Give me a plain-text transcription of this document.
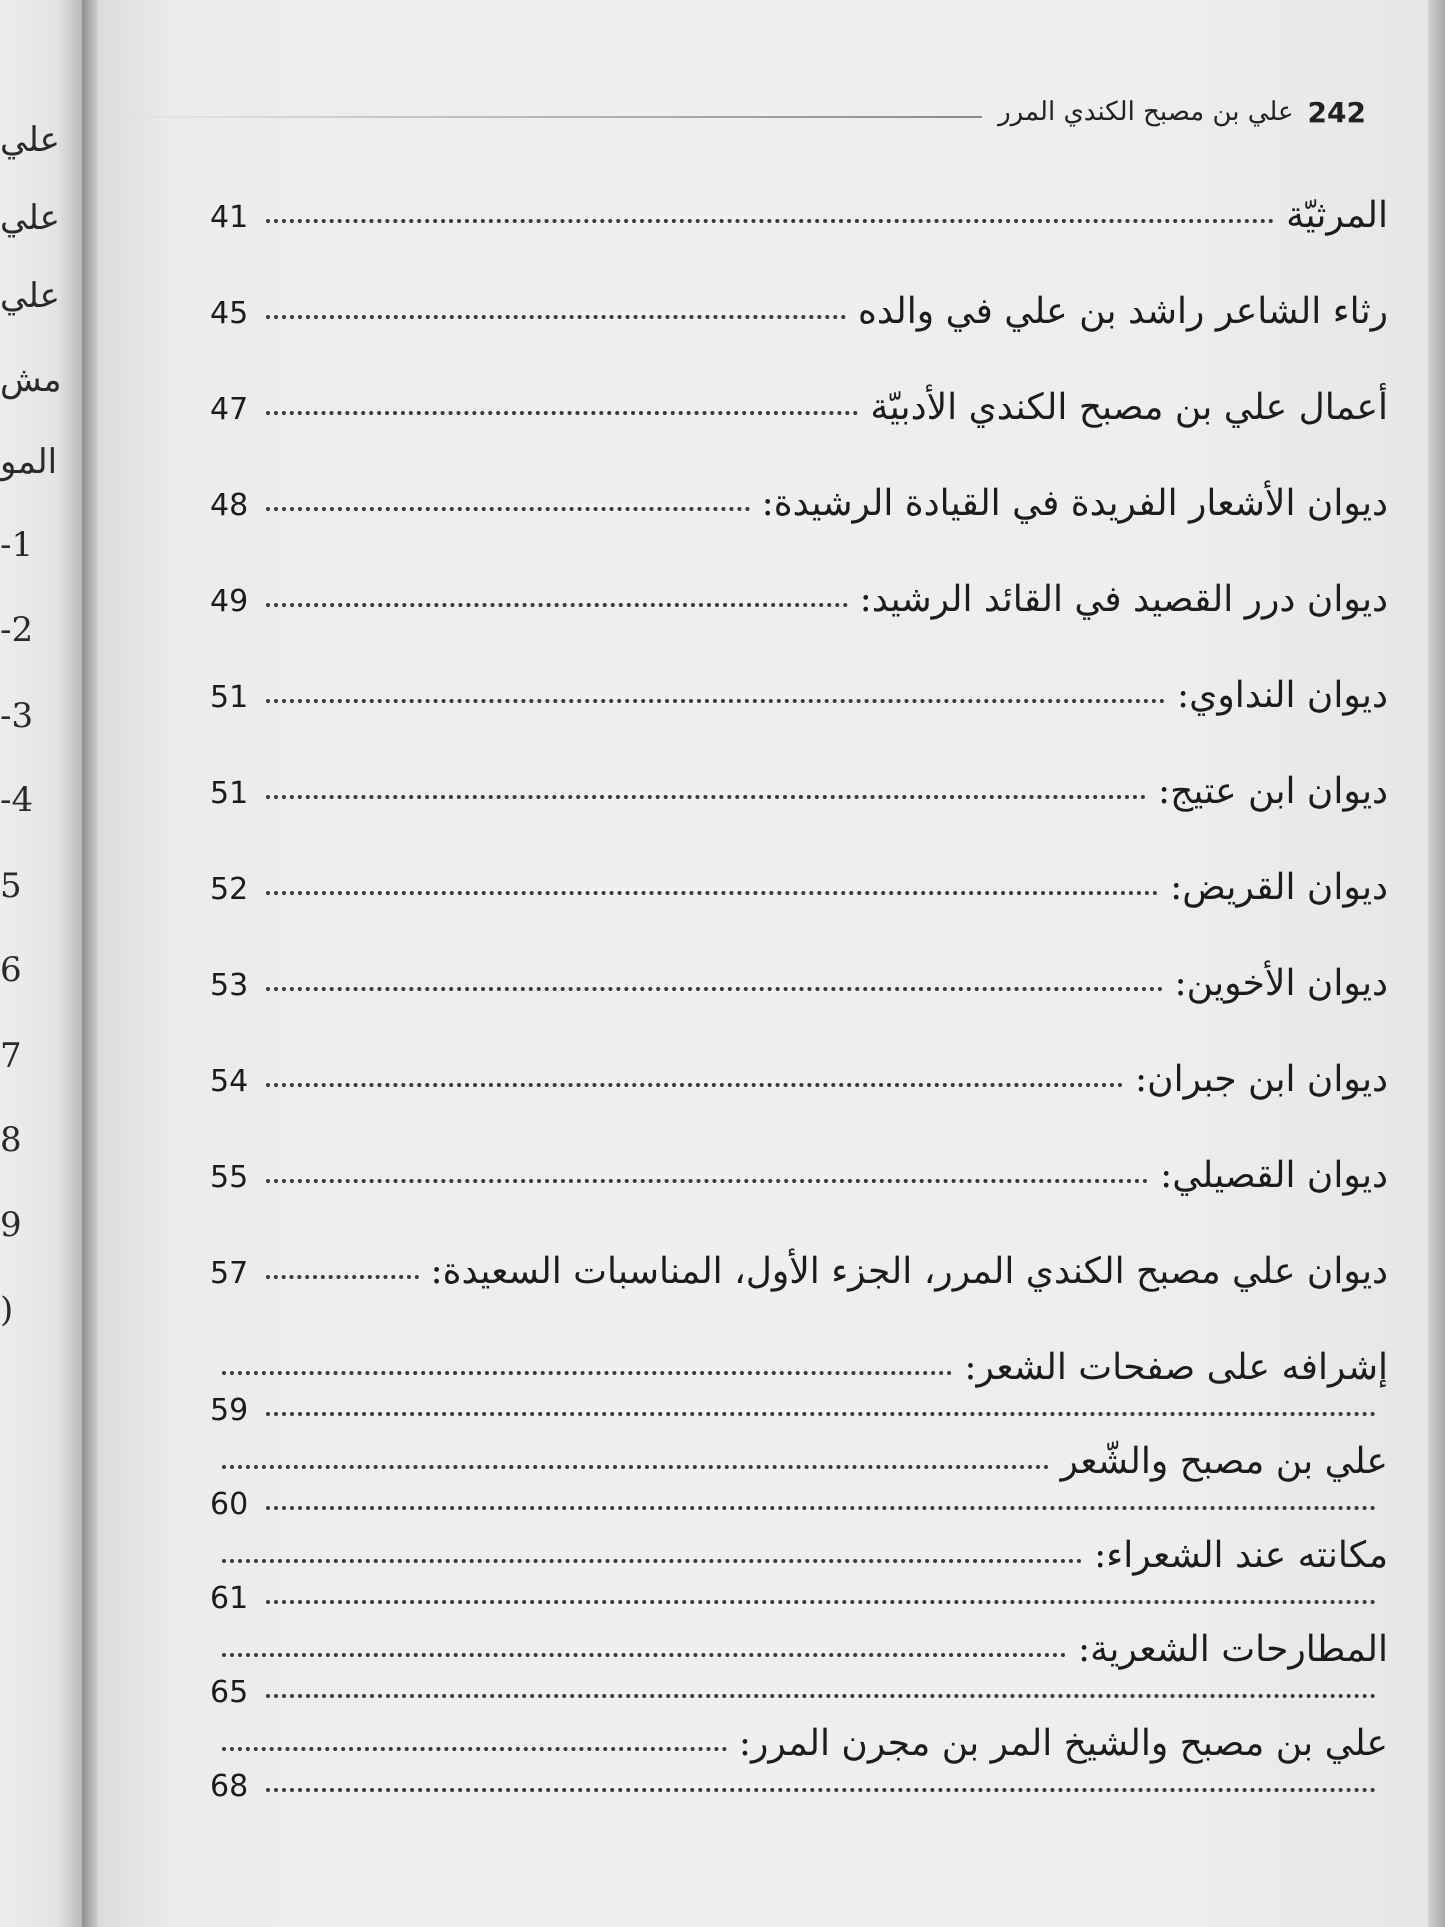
علي
علي
علي
مش
المو
-1
-2
-3
-4
5
6
7
8
9
)
242
علي بن مصبح الكندي المرر
المرثيّة
41
رثاء الشاعر راشد بن علي في والده
45
أعمال علي بن مصبح الكندي الأدبيّة
47
ديوان الأشعار الفريدة في القيادة الرشيدة:
48
ديوان درر القصيد في القائد الرشيد:
49
ديوان النداوي:
51
ديوان ابن عتيج:
51
ديوان القريض:
52
ديوان الأخوين:
53
ديوان ابن جبران:
54
ديوان القصيلي:
55
ديوان علي مصبح الكندي المرر، الجزء الأول، المناسبات السعيدة:
57
إشرافه على صفحات الشعر:
59
علي بن مصبح والشّعر
60
مكانته عند الشعراء:
61
المطارحات الشعرية:
65
علي بن مصبح والشيخ المر بن مجرن المرر:
68
